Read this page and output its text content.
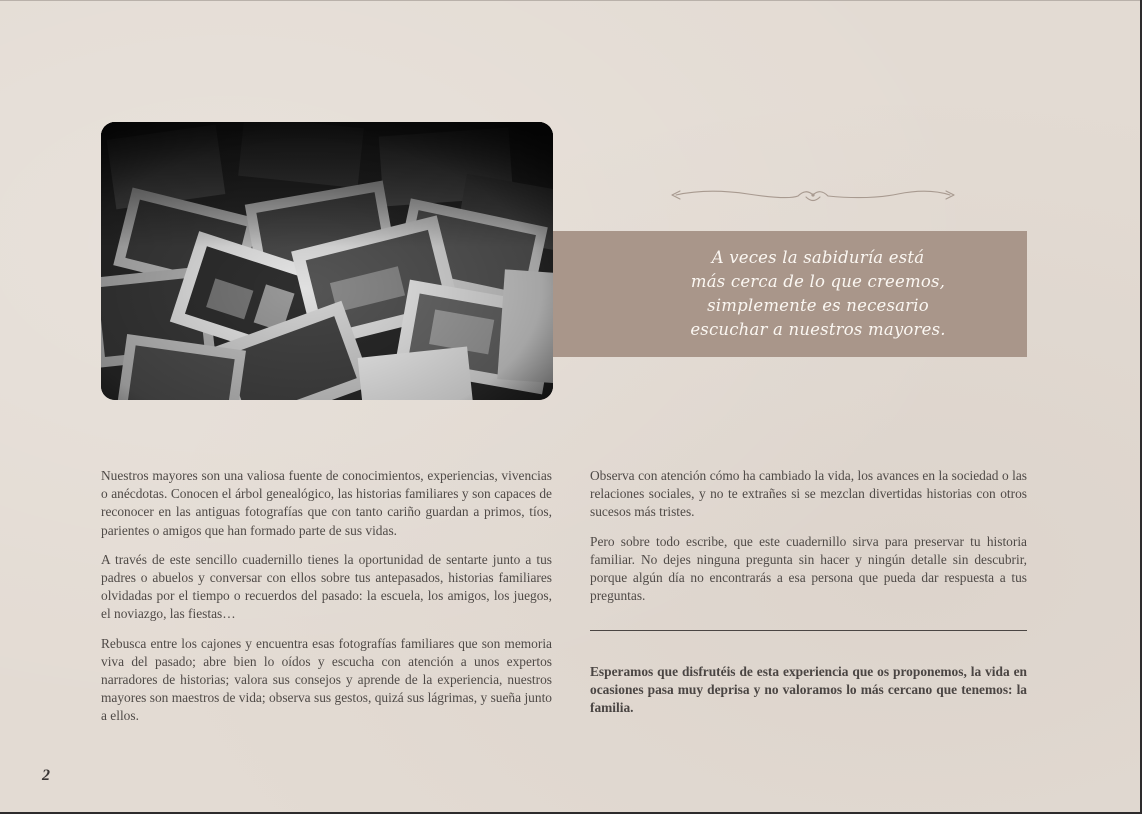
A veces la sabiduría está
más cerca de lo que creemos,
simplemente es necesario
escuchar a nuestros mayores.

Nuestros mayores son una valiosa fuente de conocimientos, experiencias, vivencias o anécdotas. Conocen el árbol genealógico, las historias familiares y son capaces de reconocer en las antiguas fotografías que con tanto cariño guardan a primos, tíos, parientes o amigos que han formado parte de sus vidas.

A través de este sencillo cuadernillo tienes la oportunidad de sentarte junto a tus padres o abuelos y conversar con ellos sobre tus antepasados, historias familiares olvidadas por el tiempo o recuerdos del pasado: la escuela, los amigos, los juegos, el noviazgo, las fiestas…

Rebusca entre los cajones y encuentra esas fotografías familiares que son memoria viva del pasado; abre bien lo oídos y escucha con atención a unos expertos narradores de historias; valora sus consejos y aprende de la experiencia, nuestros mayores son maestros de vida; observa sus gestos, quizá sus lágrimas, y sueña junto a ellos.

Observa con atención cómo ha cambiado la vida, los avances en la sociedad o las relaciones sociales, y no te extrañes si se mezclan divertidas historias con otros sucesos más tristes.

Pero sobre todo escribe, que este cuadernillo sirva para preservar tu historia familiar. No dejes ninguna pregunta sin hacer y ningún detalle sin descubrir, porque algún día no encontrarás a esa persona que pueda dar respuesta a tus preguntas.

Esperamos que disfrutéis de esta experiencia que os proponemos, la vida en ocasiones pasa muy deprisa y no valoramos lo más cercano que tenemos: la familia.

2
